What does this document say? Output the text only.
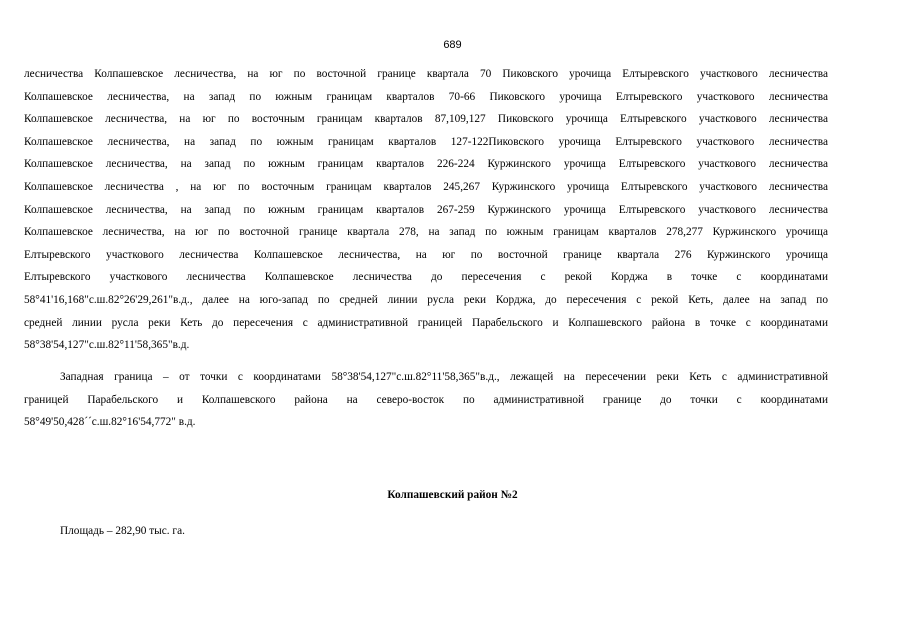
689
лесничества Колпашевское лесничества, на юг по восточной границе квартала 70 Пиковского урочища Елтыревского участкового лесничества
Колпашевское лесничества, на запад по южным границам кварталов 70-66 Пиковского урочища Елтыревского участкового лесничества
Колпашевское лесничества, на юг по восточным границам кварталов 87,109,127 Пиковского урочища Елтыревского участкового лесничества
Колпашевское лесничества, на запад по южным границам кварталов 127-122Пиковского урочища Елтыревского участкового лесничества
Колпашевское лесничества, на запад по южным границам кварталов 226-224 Куржинского урочища Елтыревского участкового лесничества
Колпашевское лесничества , на юг по восточным границам кварталов 245,267 Куржинского урочища Елтыревского участкового лесничества
Колпашевское лесничества, на запад по южным границам кварталов 267-259 Куржинского урочища Елтыревского участкового лесничества
Колпашевское лесничества, на юг по восточной границе квартала 278, на запад по южным границам кварталов 278,277 Куржинского урочища
Елтыревского участкового лесничества Колпашевское лесничества, на юг по восточной границе квартала 276 Куржинского урочища
Елтыревского участкового лесничества Колпашевское лесничества до пересечения с рекой Корджа в точке с координатами
58°41'16,168"с.ш.82°26'29,261"в.д., далее на юго-запад по средней линии русла реки Корджа, до пересечения с рекой Кеть, далее на запад по
средней линии русла реки Кеть до пересечения с административной границей Парабельского и Колпашевского района в точке с координатами
58°38'54,127"с.ш.82°11'58,365"в.д.
Западная граница – от точки с координатами 58°38'54,127"с.ш.82°11'58,365"в.д., лежащей на пересечении реки Кеть с административной
границей Парабельского и Колпашевского района на северо-восток по административной границе до точки с координатами
58°49'50,428´´с.ш.82°16'54,772" в.д.
Колпашевский район №2
Площадь – 282,90 тыс. га.
